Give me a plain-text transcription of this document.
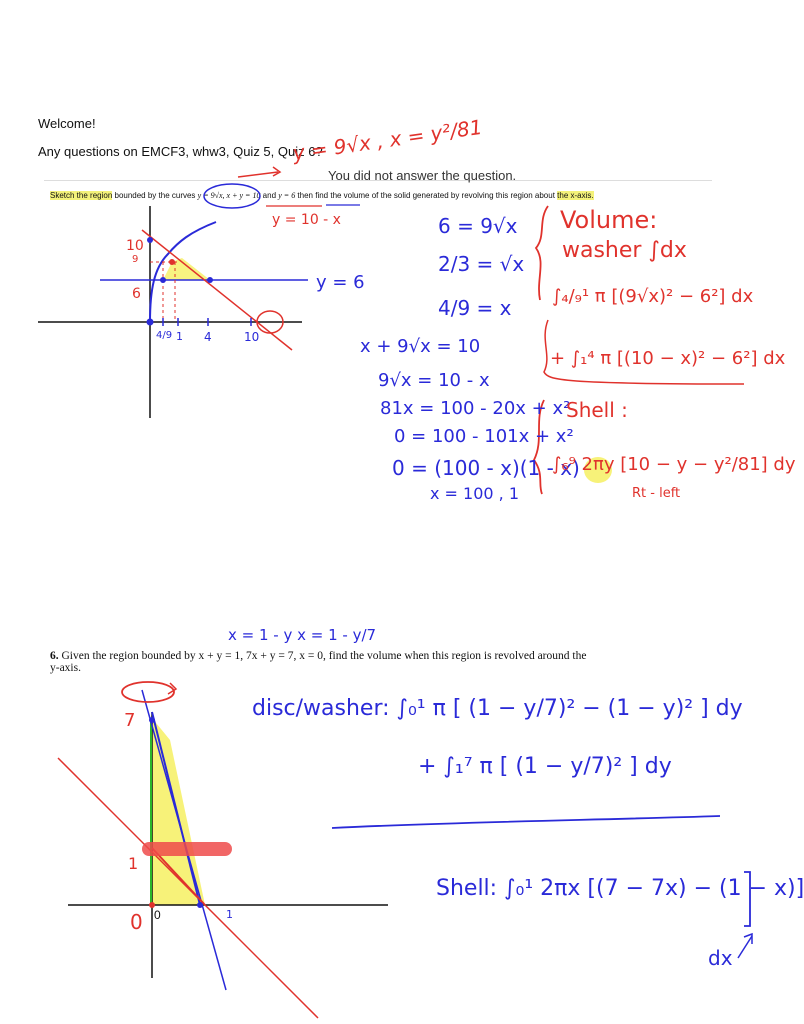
Welcome!
Any questions on EMCF3, whw3, Quiz 5, Quiz 6?
You did not answer the question.
Sketch the region bounded by the curves y = 9√x, x + y = 10 and y = 6 then find the volume of the solid generated by revolving this region about the x-axis.
y = 9√x , x = y²/81
y = 10 - x
10
9
6
4/9 1 4	10
y = 6
6 = 9√x
2/3 = √x
4/9 = x
x + 9√x = 10
9√x = 10 - x
81x = 100 - 20x + x²
0 = 100 - 101x + x²
0 = (100 - x)(1 - x)
x = 100 , 1
Volume:
washer ∫dx
∫₄/₉¹ π [(9√x)² − 6²] dx
+ ∫₁⁴ π [(10 − x)² − 6²] dx
Shell :
∫₆⁹ 2πy [10 − y − y²/81] dy
Rt - left
x = 1 - y x = 1 - y/7
6. Given the region bounded by x + y = 1, 7x + y = 7, x = 0, find the volume when this region is revolved around the
y-axis.
7
1
0 0	1
disc/washer: ∫₀¹ π [ (1 − y/7)² − (1 − y)² ] dy
+ ∫₁⁷ π [ (1 − y/7)² ] dy
Shell: ∫₀¹ 2πx [(7 − 7x) − (1 − x)]
dx
